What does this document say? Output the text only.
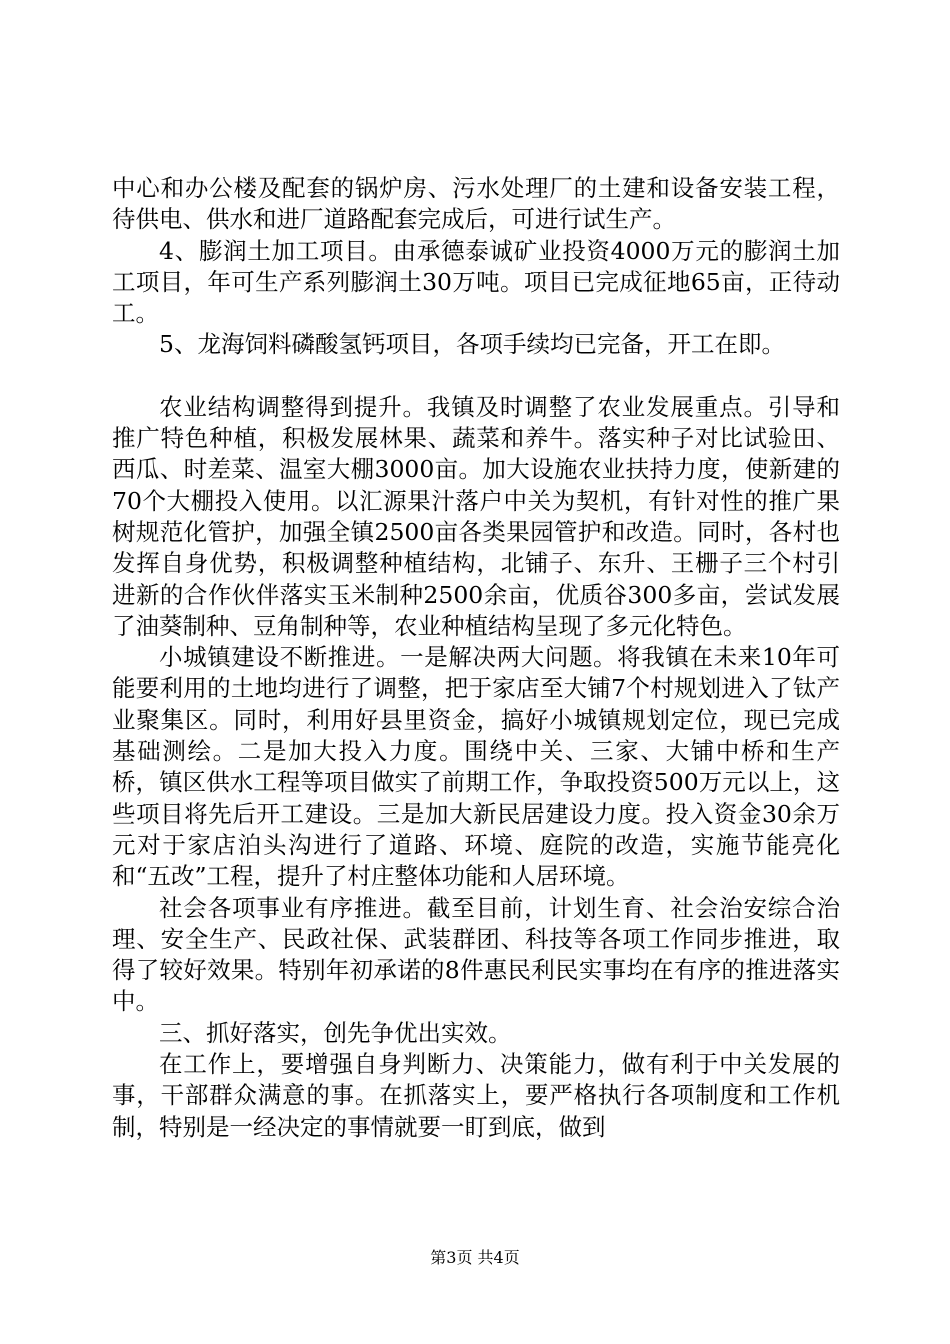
中心和办公楼及配套的锅炉房、污水处理厂的土建和设备安装工程，待供电、供水和进厂道路配套完成后，可进行试生产。

4、膨润土加工项目。由承德泰诚矿业投资4000万元的膨润土加工项目，年可生产系列膨润土30万吨。项目已完成征地65亩，正待动工。

5、龙海饲料磷酸氢钙项目，各项手续均已完备，开工在即。

农业结构调整得到提升。我镇及时调整了农业发展重点。引导和推广特色种植，积极发展林果、蔬菜和养牛。落实种子对比试验田、西瓜、时差菜、温室大棚3000亩。加大设施农业扶持力度，使新建的70个大棚投入使用。以汇源果汁落户中关为契机，有针对性的推广果树规范化管护，加强全镇2500亩各类果园管护和改造。同时，各村也发挥自身优势，积极调整种植结构，北铺子、东升、王栅子三个村引进新的合作伙伴落实玉米制种2500余亩，优质谷300多亩，尝试发展了油葵制种、豆角制种等，农业种植结构呈现了多元化特色。

小城镇建设不断推进。一是解决两大问题。将我镇在未来10年可能要利用的土地均进行了调整，把于家店至大铺7个村规划进入了钛产业聚集区。同时，利用好县里资金，搞好小城镇规划定位，现已完成基础测绘。二是加大投入力度。围绕中关、三家、大铺中桥和生产桥，镇区供水工程等项目做实了前期工作，争取投资500万元以上，这些项目将先后开工建设。三是加大新民居建设力度。投入资金30余万元对于家店泊头沟进行了道路、环境、庭院的改造，实施节能亮化和“五改”工程，提升了村庄整体功能和人居环境。

社会各项事业有序推进。截至目前，计划生育、社会治安综合治理、安全生产、民政社保、武装群团、科技等各项工作同步推进，取得了较好效果。特别年初承诺的8件惠民利民实事均在有序的推进落实中。

三、抓好落实，创先争优出实效。

在工作上，要增强自身判断力、决策能力，做有利于中关发展的事，干部群众满意的事。在抓落实上，要严格执行各项制度和工作机制，特别是一经决定的事情就要一盯到底，做到

第3页 共4页
